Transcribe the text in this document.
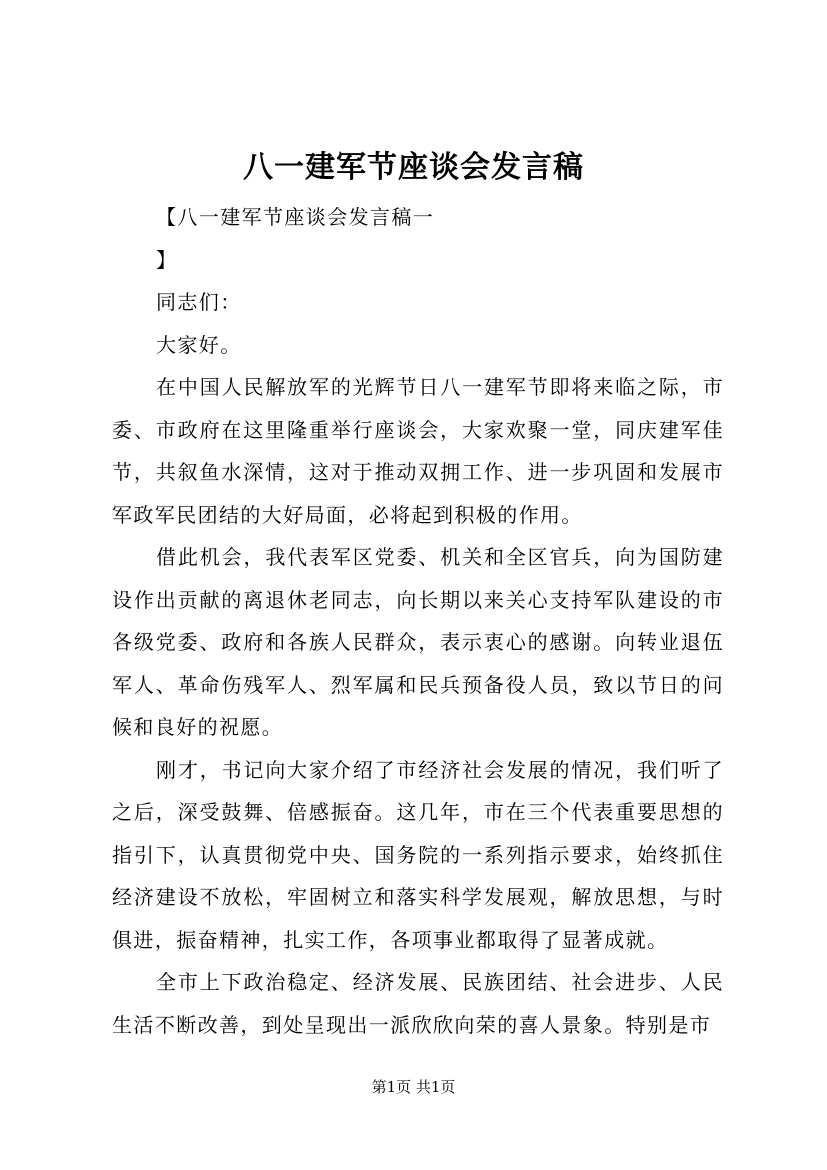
八一建军节座谈会发言稿

【八一建军节座谈会发言稿一

】

同志们：

大家好。

在中国人民解放军的光辉节日八一建军节即将来临之际，市委、市政府在这里隆重举行座谈会，大家欢聚一堂，同庆建军佳节，共叙鱼水深情，这对于推动双拥工作、进一步巩固和发展市军政军民团结的大好局面，必将起到积极的作用。

借此机会，我代表军区党委、机关和全区官兵，向为国防建设作出贡献的离退休老同志，向长期以来关心支持军队建设的市各级党委、政府和各族人民群众，表示衷心的感谢。向转业退伍军人、革命伤残军人、烈军属和民兵预备役人员，致以节日的问候和良好的祝愿。

刚才，书记向大家介绍了市经济社会发展的情况，我们听了之后，深受鼓舞、倍感振奋。这几年，市在三个代表重要思想的指引下，认真贯彻党中央、国务院的一系列指示要求，始终抓住经济建设不放松，牢固树立和落实科学发展观，解放思想，与时俱进，振奋精神，扎实工作，各项事业都取得了显著成就。

全市上下政治稳定、经济发展、民族团结、社会进步、人民生活不断改善，到处呈现出一派欣欣向荣的喜人景象。特别是市

第1页 共1页
